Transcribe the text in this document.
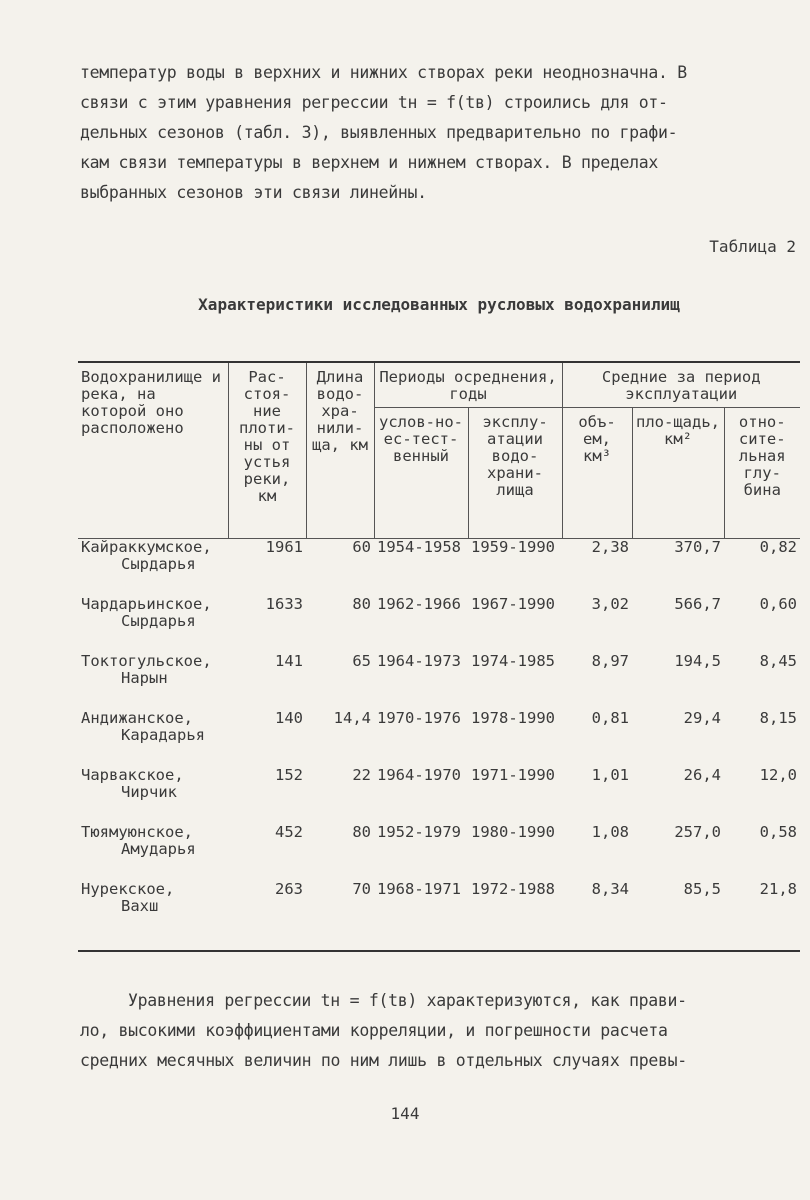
температур воды в верхних и нижних створах реки неоднозначна. В

связи с этим уравнения регрессии tн = f(tв) строились для от-

дельных сезонов (табл. 3), выявленных предварительно по графи-

кам связи температуры в верхнем и нижнем створах. В пределах

выбранных сезонов эти связи линейны.

Таблица 2
Характеристики исследованных русловых водохранилищ
Водохранилище и река, на которой оно расположено	Рас-стоя-ние плоти-ны от устья реки, км	Длина водо-хра-нили-ща, км	Периоды осреднения, годы		Средние за период эксплуатации		
			услов-но-ес-тест-венный	эксплу-атации водо-храни-лища	объ-ем, км³	пло-щадь, км²	отно-сите-льная глу-бина
Кайраккумское,
Сырдарья	1961	60	1954-1958	1959-1990	2,38	370,7	0,82
Чардарьинское,
Сырдарья	1633	80	1962-1966	1967-1990	3,02	566,7	0,60
Токтогульское,
Нарын	141	65	1964-1973	1974-1985	8,97	194,5	8,45
Андижанское,
Карадарья	140	14,4	1970-1976	1978-1990	0,81	29,4	8,15
Чарвакское,
Чирчик	152	22	1964-1970	1971-1990	1,01	26,4	12,0
Тюямуюнское,
Амударья	452	80	1952-1979	1980-1990	1,08	257,0	0,58
Нурекское,
Вахш	263	70	1968-1971	1972-1988	8,34	85,5	21,8

Уравнения регрессии tн = f(tв) характеризуются, как прави-

ло, высокими коэффициентами корреляции, и погрешности расчета

средних месячных величин по ним лишь в отдельных случаях превы-

144
